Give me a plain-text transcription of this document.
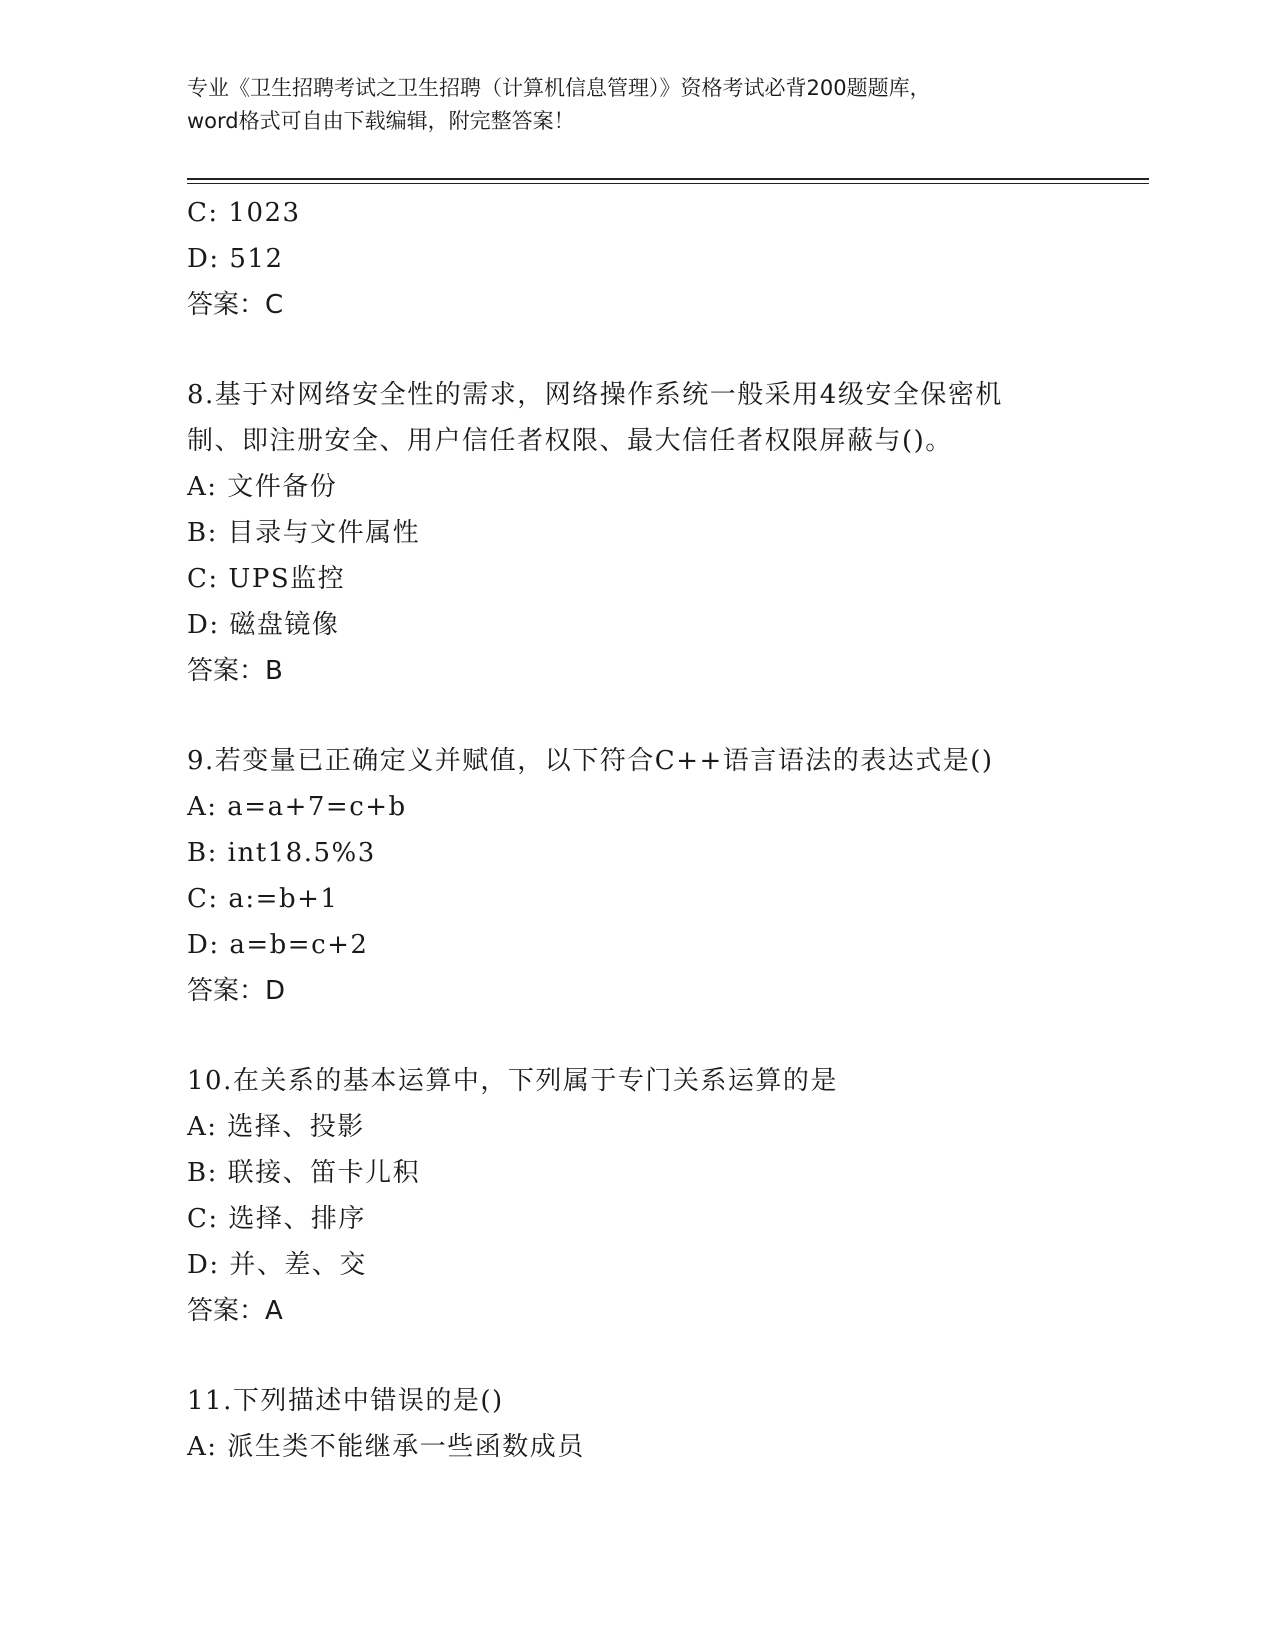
专业《卫生招聘考试之卫生招聘（计算机信息管理）》资格考试必背200题题库，
word格式可自由下载编辑，附完整答案！
C: 1023
D: 512
答案：C
8.基于对网络安全性的需求，网络操作系统一般采用4级安全保密机
制、即注册安全、用户信任者权限、最大信任者权限屏蔽与()。
A: 文件备份
B: 目录与文件属性
C: UPS监控
D: 磁盘镜像
答案：B
9.若变量已正确定义并赋值，以下符合C++语言语法的表达式是()
A: a=a+7=c+b
B: int18.5%3
C: a:=b+1
D: a=b=c+2
答案：D
10.在关系的基本运算中，下列属于专门关系运算的是
A: 选择、投影
B: 联接、笛卡儿积
C: 选择、排序
D: 并、差、交
答案：A
11.下列描述中错误的是()
A: 派生类不能继承一些函数成员
